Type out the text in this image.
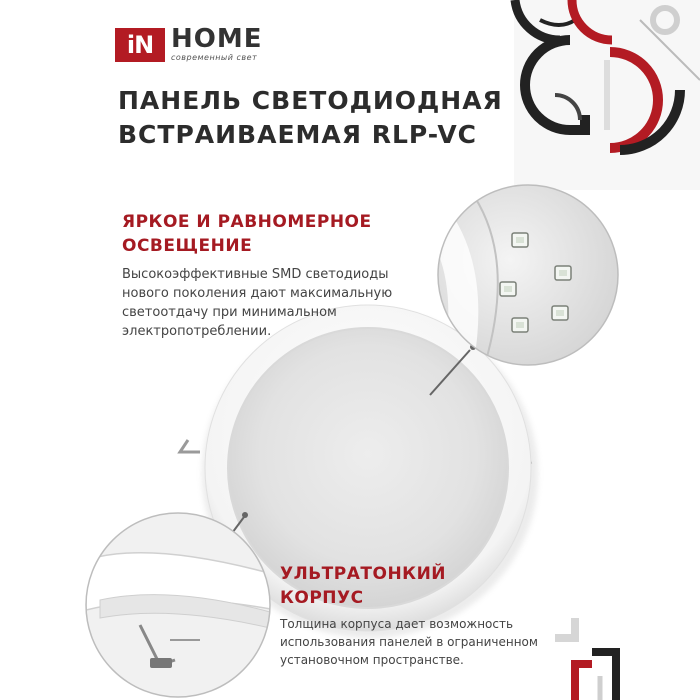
iN HOME
современный свет
ПАНЕЛЬ СВЕТОДИОДНАЯ
ВСТРАИВАЕМАЯ RLP-VC
ЯРКОЕ И РАВНОМЕРНОЕ
ОСВЕЩЕНИЕ

Высокоэффективные SMD светодиоды
нового поколения дают максимальную
светоотдачу при минимальном
электропотреблении.

УЛЬТРАТОНКИЙ
КОРПУС

Толщина корпуса дает возможность
использования панелей в ограниченном
установочном пространстве.
